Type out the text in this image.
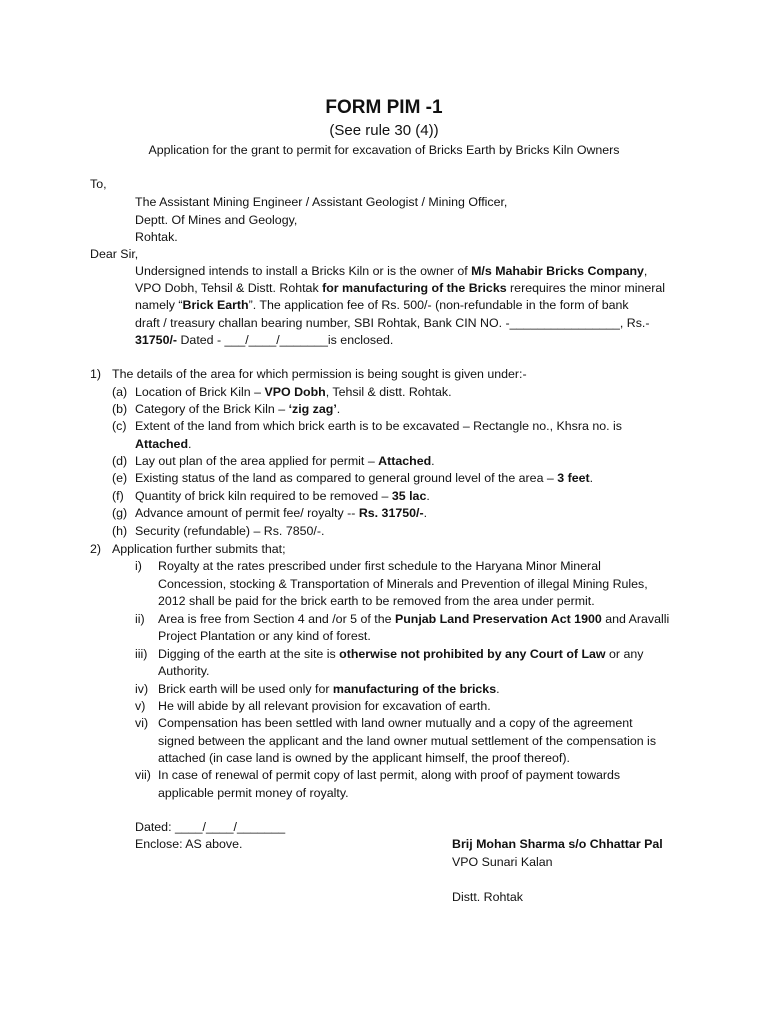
FORM PIM -1
(See rule 30 (4))
Application for the grant to permit for excavation of Bricks Earth by Bricks Kiln Owners
To,
The Assistant Mining Engineer / Assistant Geologist / Mining Officer,
Deptt. Of Mines and Geology,
Rohtak.
Dear Sir,
Undersigned intends to install a Bricks Kiln or is the owner of M/s Mahabir Bricks Company,
VPO Dobh, Tehsil & Distt. Rohtak for manufacturing of the Bricks rerequires the minor mineral
namely “Brick Earth”. The application fee of Rs. 500/- (non-refundable in the form of bank
draft / treasury challan bearing number, SBI Rohtak, Bank CIN NO. -________________, Rs.-
31750/- Dated - ___/____/_______is enclosed.
1) The details of the area for which permission is being sought is given under:-
(a) Location of Brick Kiln – VPO Dobh, Tehsil & distt. Rohtak.
(b) Category of the Brick Kiln – ‘zig zag’.
(c) Extent of the land from which brick earth is to be excavated – Rectangle no., Khsra no. is
Attached.
(d) Lay out plan of the area applied for permit – Attached.
(e) Existing status of the land as compared to general ground level of the area – 3 feet.
(f) Quantity of brick kiln required to be removed – 35 lac.
(g) Advance amount of permit fee/ royalty -- Rs. 31750/-.
(h) Security (refundable) – Rs. 7850/-.
2) Application further submits that;
i) Royalty at the rates prescribed under first schedule to the Haryana Minor Mineral
Concession, stocking & Transportation of Minerals and Prevention of illegal Mining Rules,
2012 shall be paid for the brick earth to be removed from the area under permit.
ii) Area is free from Section 4 and /or 5 of the Punjab Land Preservation Act 1900 and Aravalli
Project Plantation or any kind of forest.
iii) Digging of the earth at the site is otherwise not prohibited by any Court of Law or any
Authority.
iv) Brick earth will be used only for manufacturing of the bricks.
v) He will abide by all relevant provision for excavation of earth.
vi) Compensation has been settled with land owner mutually and a copy of the agreement
signed between the applicant and the land owner mutual settlement of the compensation is
attached (in case land is owned by the applicant himself, the proof thereof).
vii) In case of renewal of permit copy of last permit, along with proof of payment towards
applicable permit money of royalty.
Dated: ____/____/_______
Enclose: AS above.	Brij Mohan Sharma s/o Chhattar Pal
VPO Sunari Kalan
Distt. Rohtak
